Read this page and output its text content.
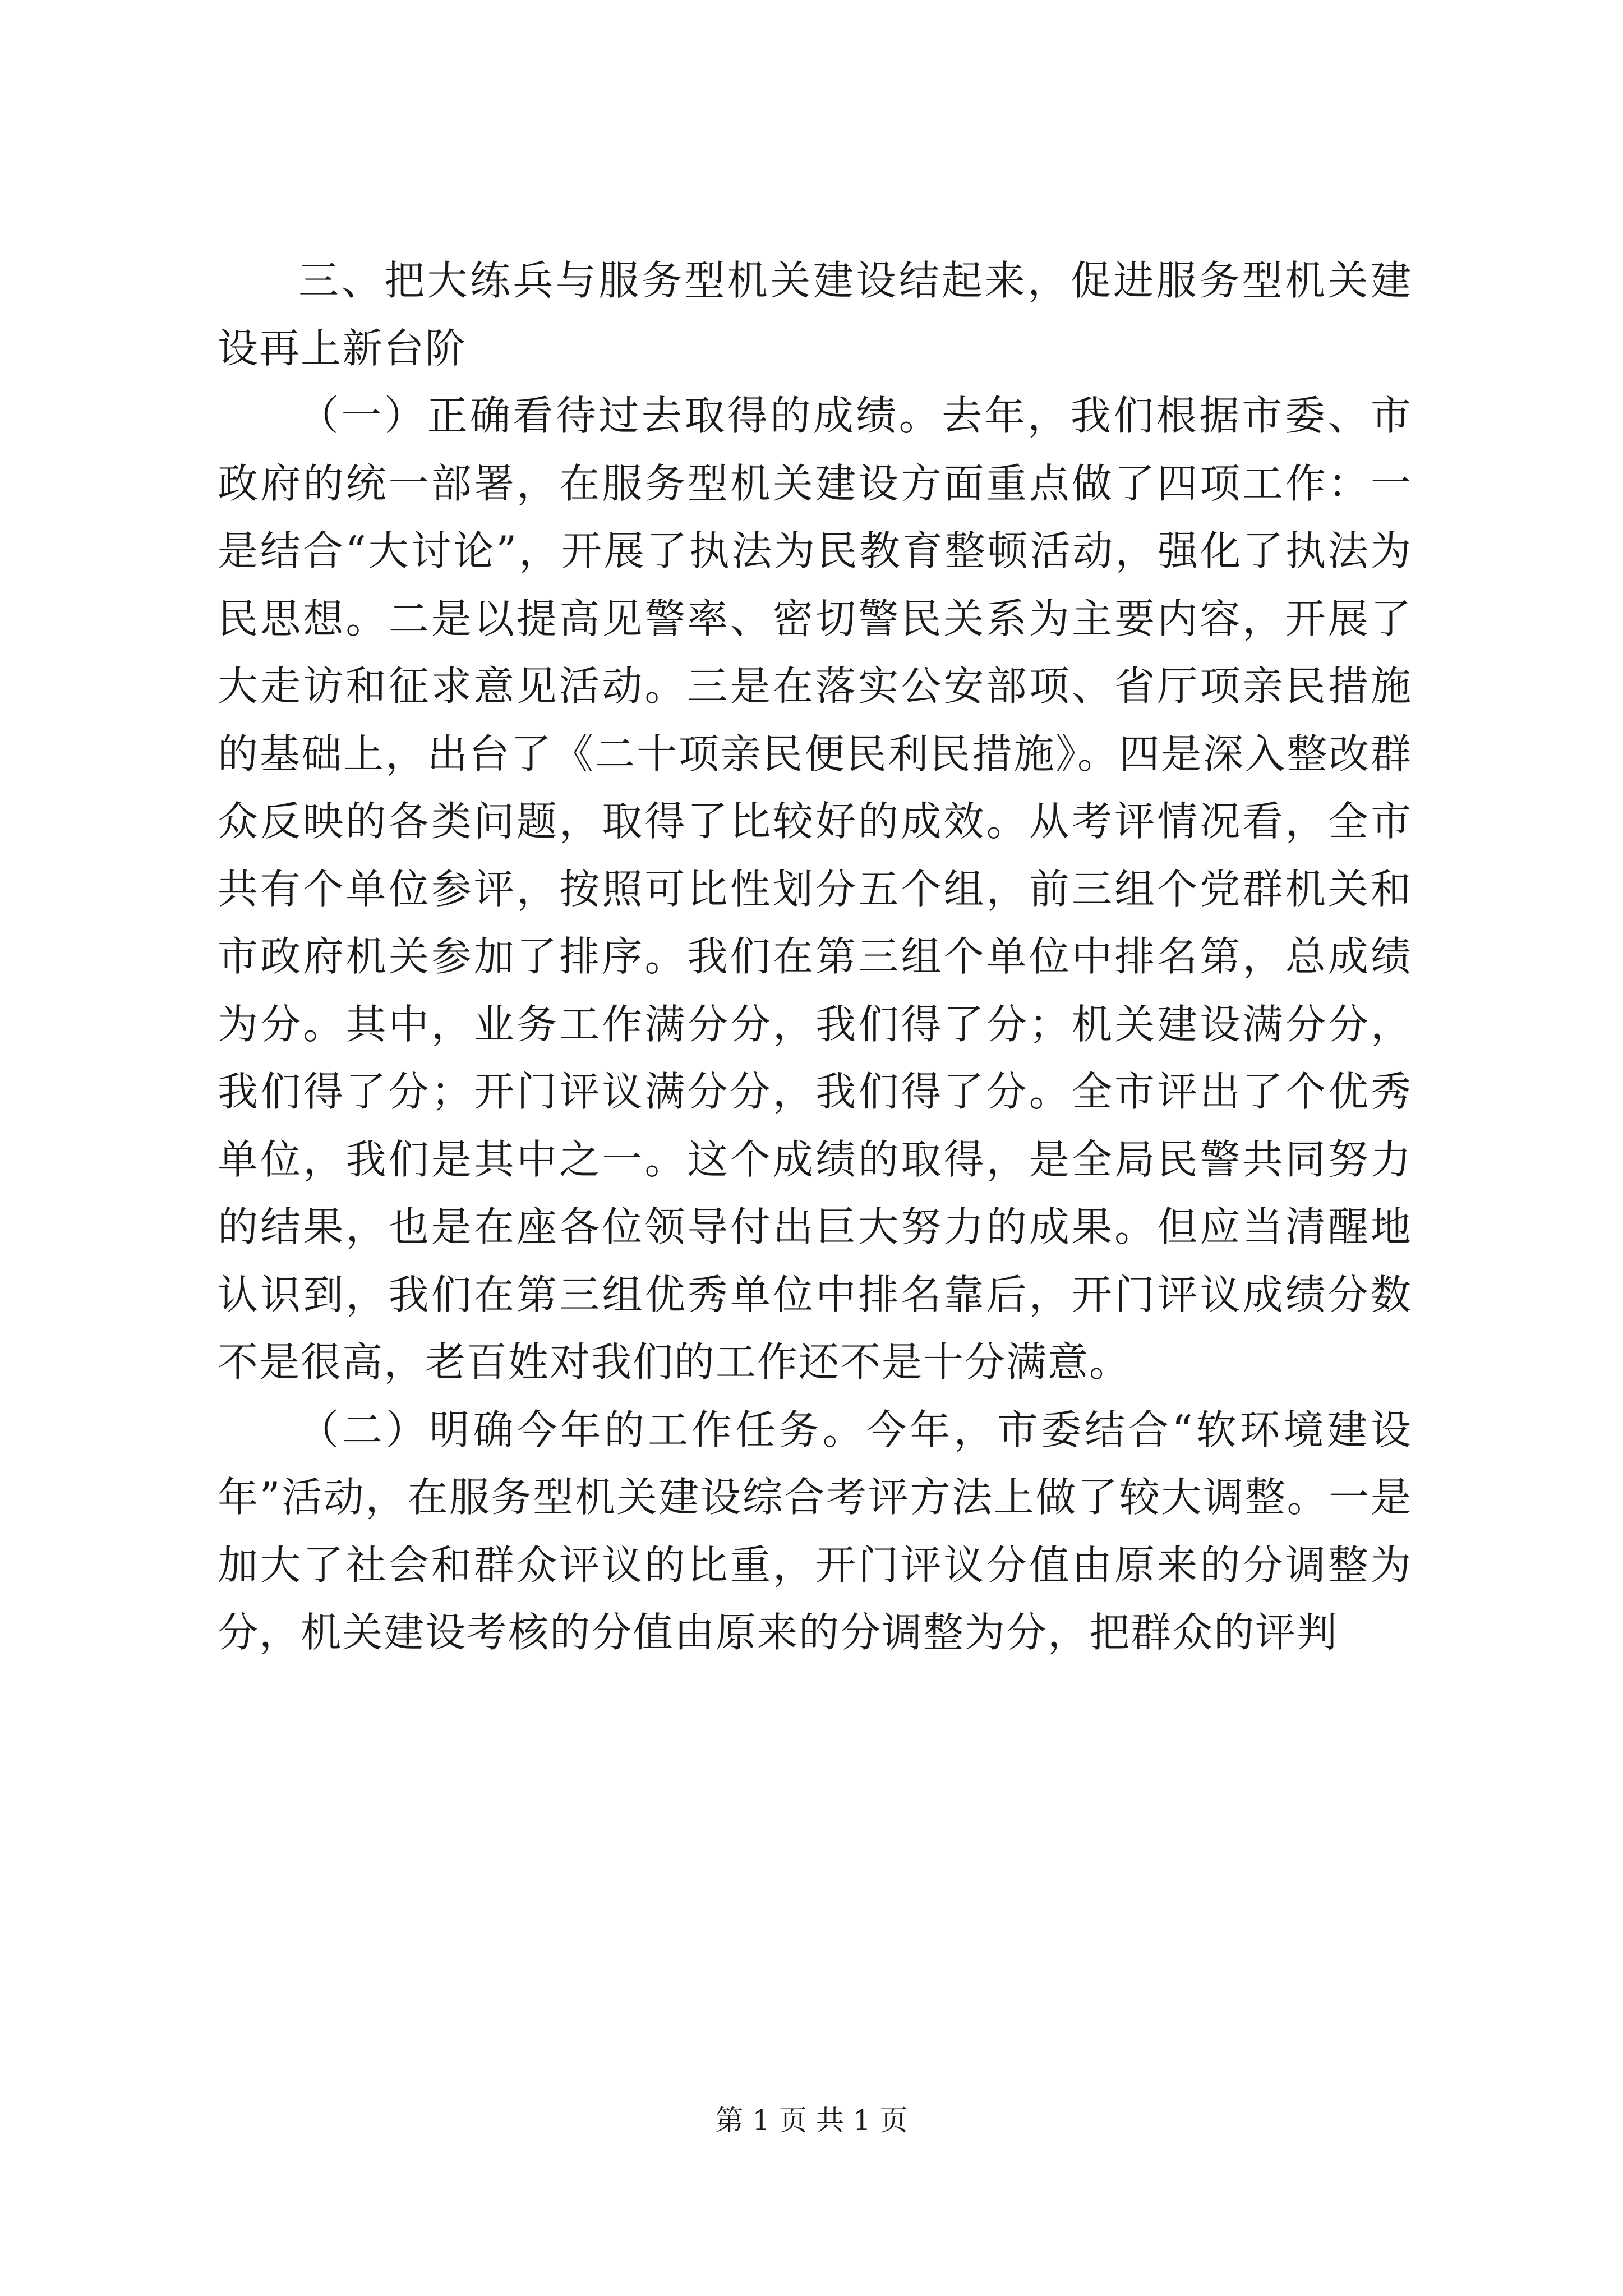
三、把大练兵与服务型机关建设结起来，促进服务型机关建设再上新台阶

（一）正确看待过去取得的成绩。去年，我们根据市委、市政府的统一部署，在服务型机关建设方面重点做了四项工作：一是结合“大讨论”，开展了执法为民教育整顿活动，强化了执法为民思想。二是以提高见警率、密切警民关系为主要内容，开展了大走访和征求意见活动。三是在落实公安部项、省厅项亲民措施的基础上，出台了《二十项亲民便民利民措施》。四是深入整改群众反映的各类问题，取得了比较好的成效。从考评情况看，全市共有个单位参评，按照可比性划分五个组，前三组个党群机关和市政府机关参加了排序。我们在第三组个单位中排名第，总成绩为分。其中，业务工作满分分，我们得了分；机关建设满分分，我们得了分；开门评议满分分，我们得了分。全市评出了个优秀单位，我们是其中之一。这个成绩的取得，是全局民警共同努力的结果，也是在座各位领导付出巨大努力的成果。但应当清醒地认识到，我们在第三组优秀单位中排名靠后，开门评议成绩分数不是很高，老百姓对我们的工作还不是十分满意。

（二）明确今年的工作任务。今年，市委结合“软环境建设年”活动，在服务型机关建设综合考评方法上做了较大调整。一是加大了社会和群众评议的比重，开门评议分值由原来的分调整为分，机关建设考核的分值由原来的分调整为分，把群众的评判

第 1 页 共 1 页
